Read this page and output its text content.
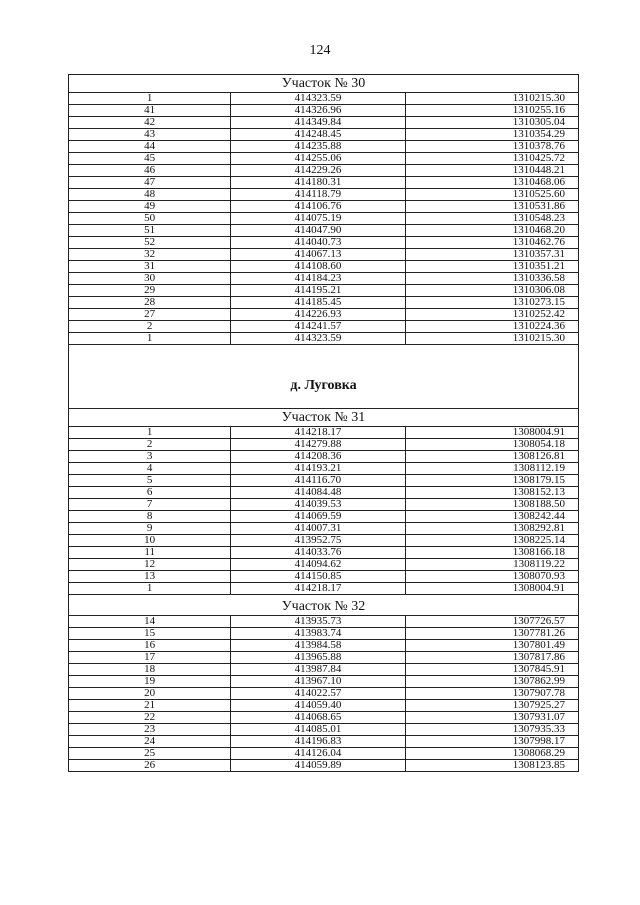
124
Участок № 30		
1	414323.59	1310215.30
41	414326.96	1310255.16
42	414349.84	1310305.04
43	414248.45	1310354.29
44	414235.88	1310378.76
45	414255.06	1310425.72
46	414229.26	1310448.21
47	414180.31	1310468.06
48	414118.79	1310525.60
49	414106.76	1310531.86
50	414075.19	1310548.23
51	414047.90	1310468.20
52	414040.73	1310462.76
32	414067.13	1310357.31
31	414108.60	1310351.21
30	414184.23	1310336.58
29	414195.21	1310306.08
28	414185.45	1310273.15
27	414226.93	1310252.42
2	414241.57	1310224.36
1	414323.59	1310215.30

д. Луговка		

Участок № 31		
1	414218.17	1308004.91
2	414279.88	1308054.18
3	414208.36	1308126.81
4	414193.21	1308112.19
5	414116.70	1308179.15
6	414084.48	1308152.13
7	414039.53	1308188.50
8	414069.59	1308242.44
9	414007.31	1308292.81
10	413952.75	1308225.14
11	414033.76	1308166.18
12	414094.62	1308119.22
13	414150.85	1308070.93
1	414218.17	1308004.91
Участок № 32		
14	413935.73	1307726.57
15	413983.74	1307781.26
16	413984.58	1307801.49
17	413965.88	1307817.86
18	413987.84	1307845.91
19	413967.10	1307862.99
20	414022.57	1307907.78
21	414059.40	1307925.27
22	414068.65	1307931.07
23	414085.01	1307935.33
24	414196.83	1307998.17
25	414126.04	1308068.29
26	414059.89	1308123.85
